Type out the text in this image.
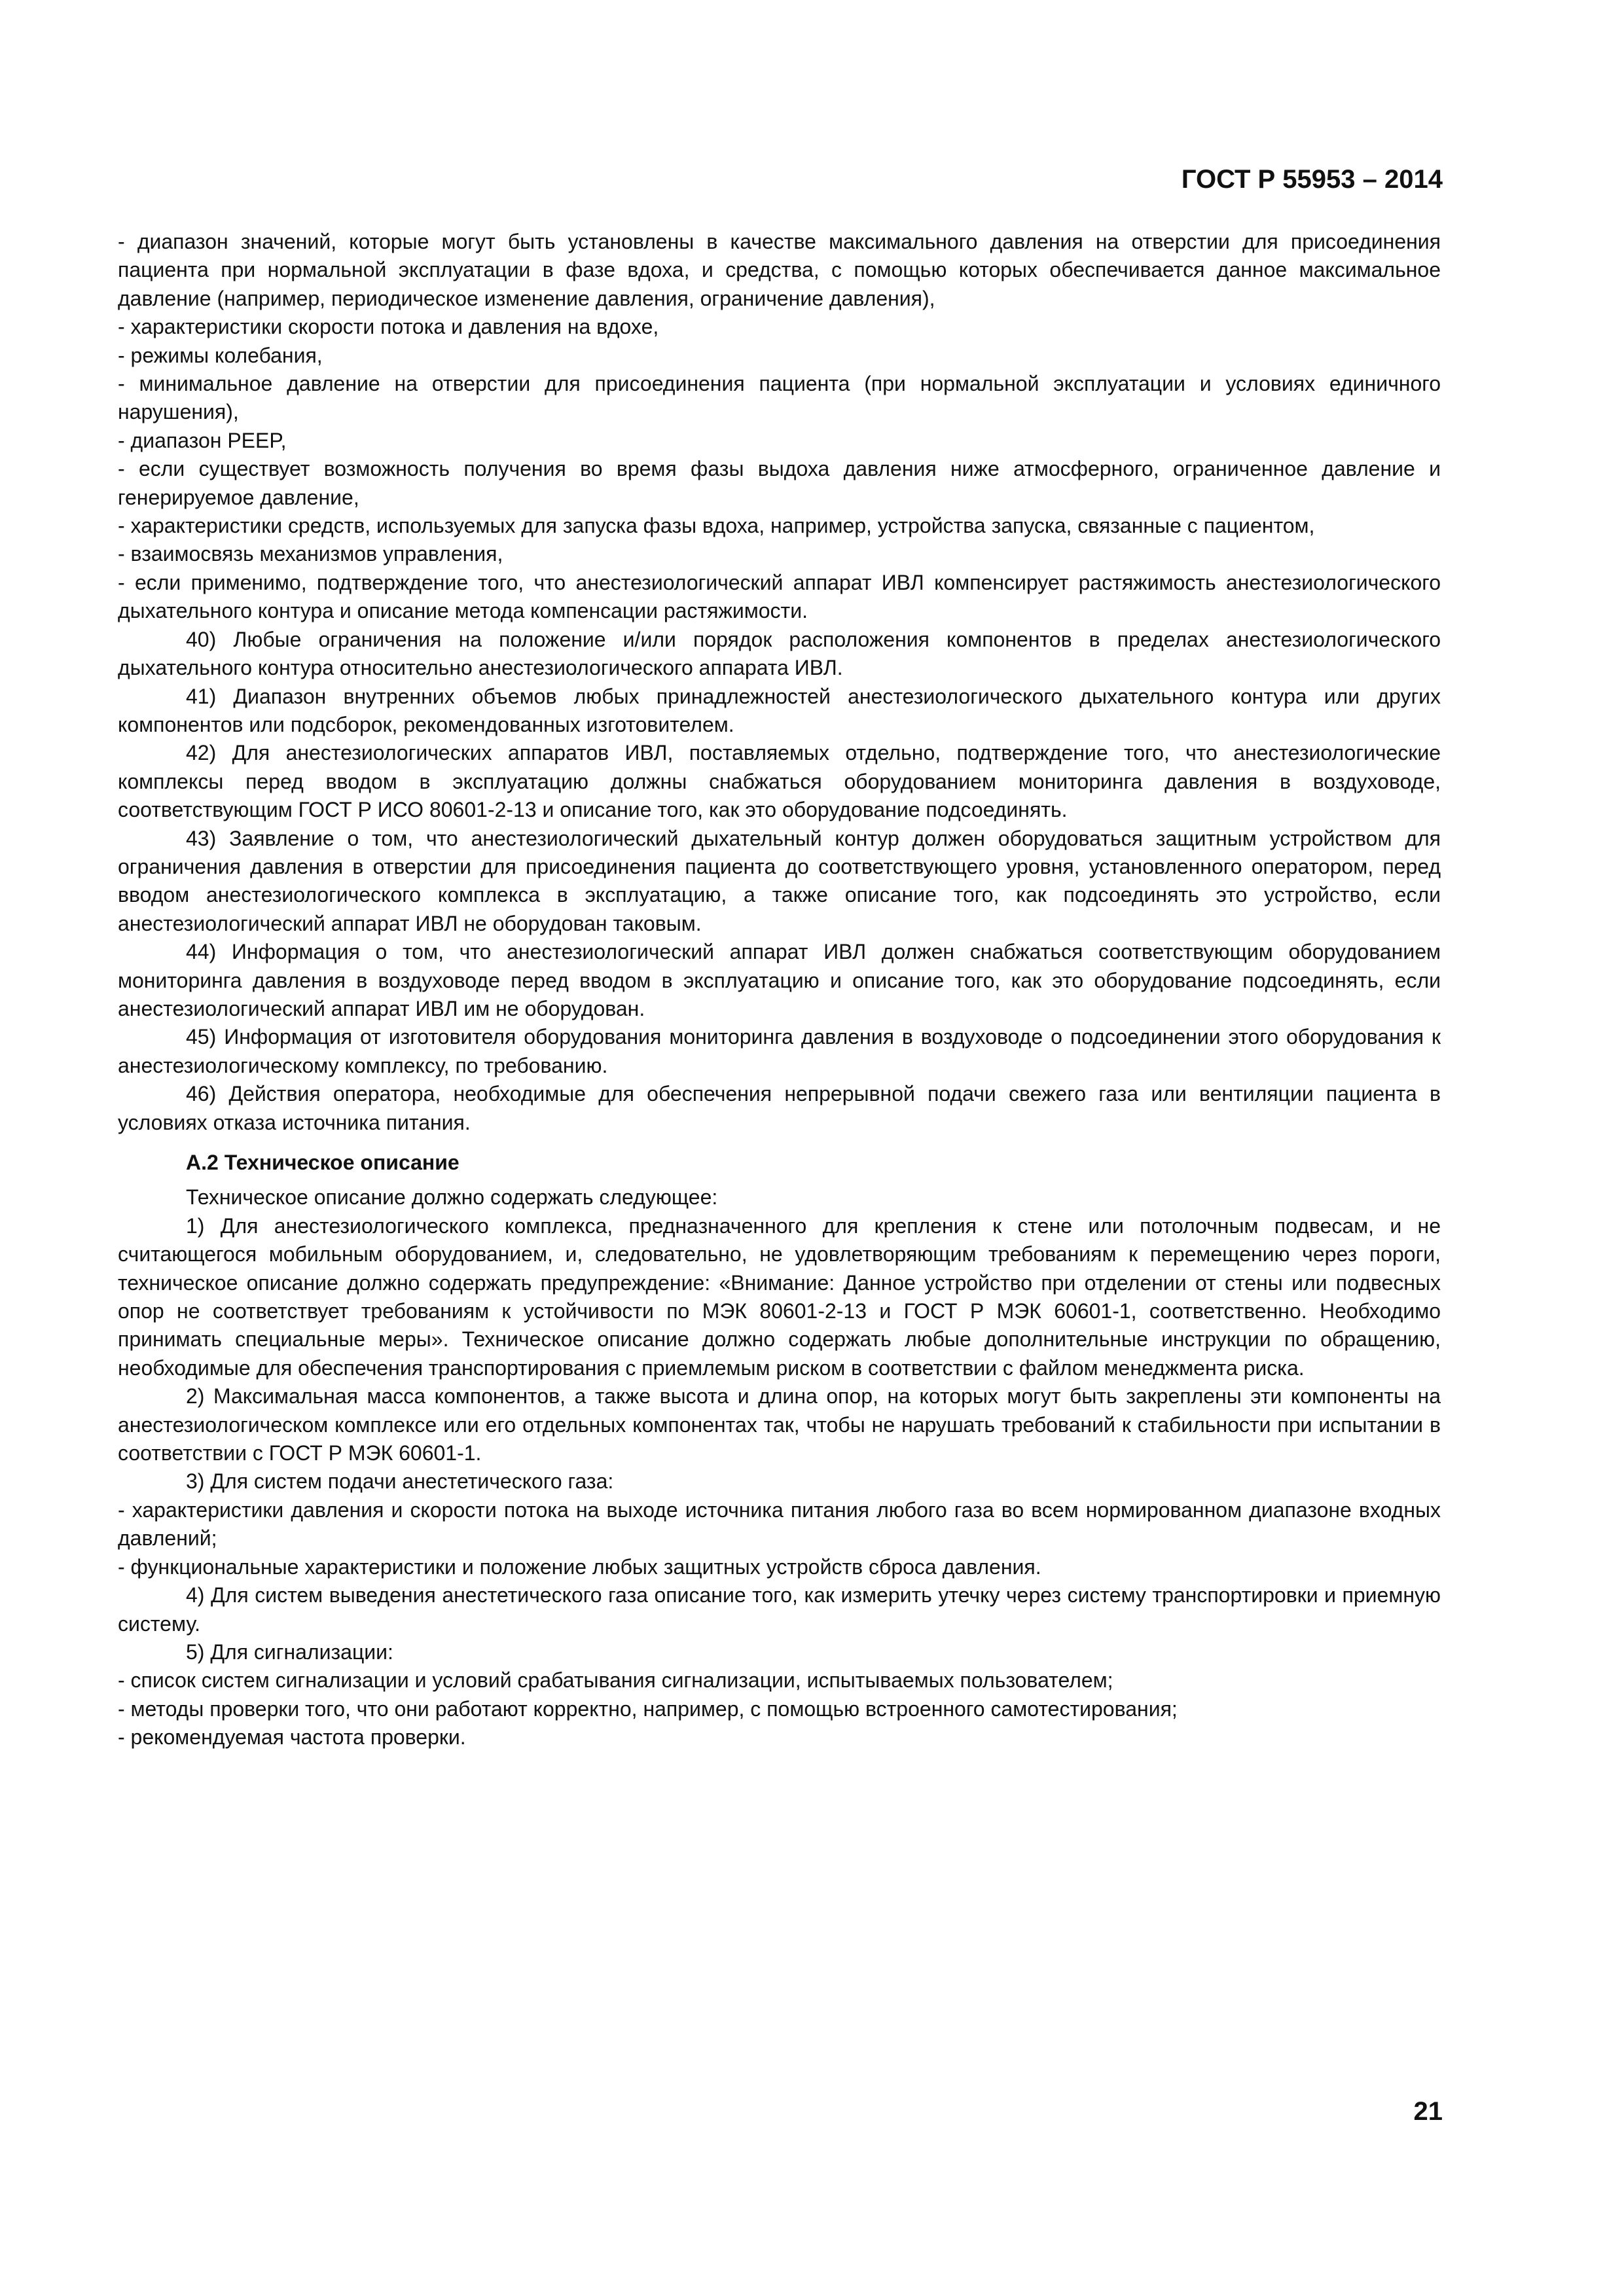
ГОСТ Р 55953 – 2014

- диапазон значений, которые могут быть установлены в качестве максимального давления на отверстии для присоединения пациента при нормальной эксплуатации в фазе вдоха, и средства, с помощью которых обеспечивается данное максимальное давление (например, периодическое изменение давления, ограничение давления),

- характеристики скорости потока и давления на вдохе,

- режимы колебания,

- минимальное давление на отверстии для присоединения пациента (при нормальной эксплуатации и условиях единичного нарушения),

- диапазон PEEP,

- если существует возможность получения во время фазы выдоха давления ниже атмосферного, ограниченное давление и генерируемое давление,

- характеристики средств, используемых для запуска фазы вдоха, например, устройства запуска, связанные с пациентом,

- взаимосвязь механизмов управления,

- если применимо, подтверждение того, что анестезиологический аппарат ИВЛ компенсирует растяжимость анестезиологического дыхательного контура и описание метода компенсации растяжимости.

40) Любые ограничения на положение и/или порядок расположения компонентов в пределах анестезиологического дыхательного контура относительно анестезиологического аппарата ИВЛ.

41) Диапазон внутренних объемов любых принадлежностей анестезиологического дыхательного контура или других компонентов или подсборок, рекомендованных изготовителем.

42) Для анестезиологических аппаратов ИВЛ, поставляемых отдельно, подтверждение того, что анестезиологические комплексы перед вводом в эксплуатацию должны снабжаться оборудованием мониторинга давления в воздуховоде, соответствующим ГОСТ Р ИСО 80601-2-13 и описание того, как это оборудование подсоединять.

43) Заявление о том, что анестезиологический дыхательный контур должен оборудоваться защитным устройством для ограничения давления в отверстии для присоединения пациента до соответствующего уровня, установленного оператором, перед вводом анестезиологического комплекса в эксплуатацию, а также описание того, как подсоединять это устройство, если анестезиологический аппарат ИВЛ не оборудован таковым.

44) Информация о том, что анестезиологический аппарат ИВЛ должен снабжаться соответствующим оборудованием мониторинга давления в воздуховоде перед вводом в эксплуатацию и описание того, как это оборудование подсоединять, если анестезиологический аппарат ИВЛ им не оборудован.

45) Информация от изготовителя оборудования мониторинга давления в воздуховоде о подсоединении этого оборудования к анестезиологическому комплексу, по требованию.

46) Действия оператора, необходимые для обеспечения непрерывной подачи свежего газа или вентиляции пациента в условиях отказа источника питания.

А.2 Техническое описание

Техническое описание должно содержать следующее:

1) Для анестезиологического комплекса, предназначенного для крепления к стене или потолочным подвесам, и не считающегося мобильным оборудованием, и, следовательно, не удовлетворяющим требованиям к перемещению через пороги, техническое описание должно содержать предупреждение: «Внимание: Данное устройство при отделении от стены или подвесных опор не соответствует требованиям к устойчивости по МЭК 80601-2-13 и ГОСТ Р МЭК 60601-1, соответственно. Необходимо принимать специальные меры». Техническое описание должно содержать любые дополнительные инструкции по обращению, необходимые для обеспечения транспортирования с приемлемым риском в соответствии с файлом менеджмента риска.

2) Максимальная масса компонентов, а также высота и длина опор, на которых могут быть закреплены эти компоненты на анестезиологическом комплексе или его отдельных компонентах так, чтобы не нарушать требований к стабильности при испытании в соответствии с ГОСТ Р МЭК 60601-1.

3) Для систем подачи анестетического газа:

- характеристики давления и скорости потока на выходе источника питания любого газа во всем нормированном диапазоне входных давлений;

- функциональные характеристики и положение любых защитных устройств сброса давления.

4) Для систем выведения анестетического газа описание того, как измерить утечку через систему транспортировки и приемную систему.

5) Для сигнализации:

- список систем сигнализации и условий срабатывания сигнализации, испытываемых пользователем;

- методы проверки того, что они работают корректно, например, с помощью встроенного самотестирования;

- рекомендуемая частота проверки.

21
